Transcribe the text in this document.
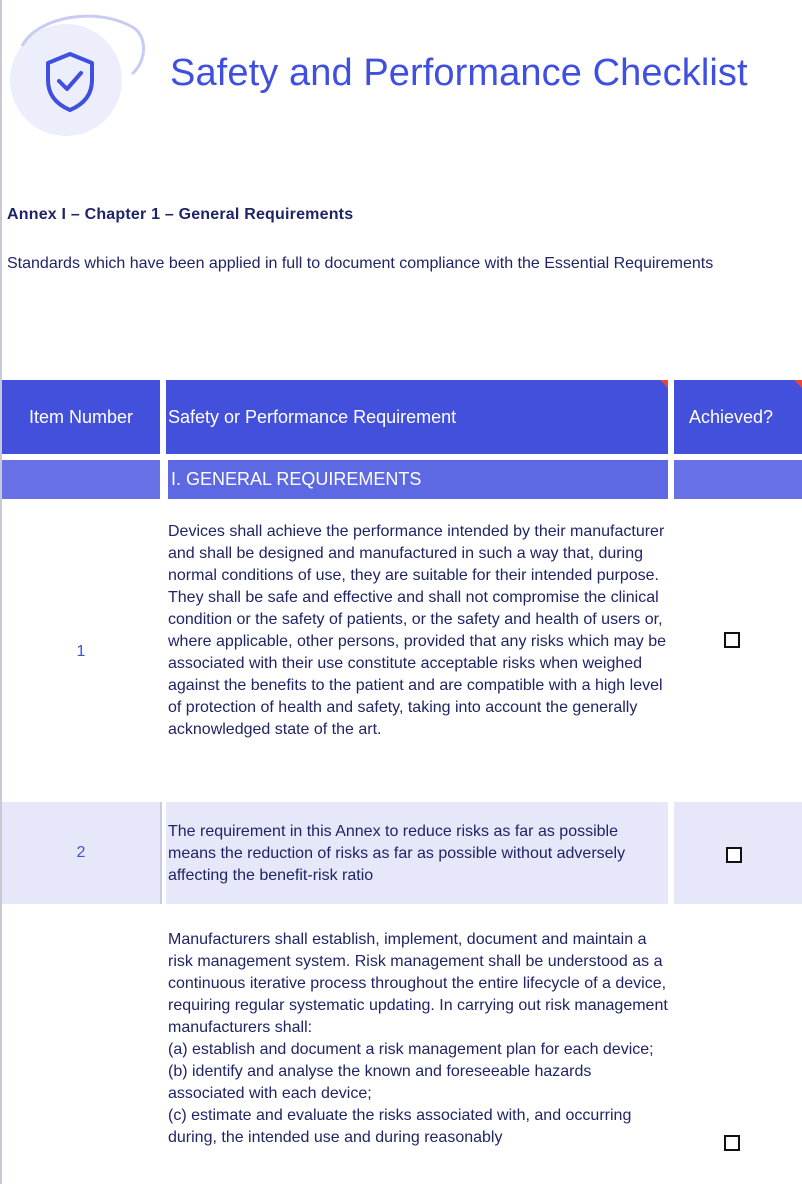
Safety and Performance Checklist
Annex I – Chapter 1 – General Requirements
Standards which have been applied in full to document compliance with the Essential Requirements
Item Number Safety or Performance Requirement	Achieved?
I. GENERAL REQUIREMENTS
1
Devices shall achieve the performance intended by their manufacturer and shall be designed and manufactured in such a way that, during normal conditions of use, they are suitable for their intended purpose. They shall be safe and effective and shall not compromise the clinical condition or the safety of patients, or the safety and health of users or, where applicable, other persons, provided that any risks which may be associated with their use constitute acceptable risks when weighed against the benefits to the patient and are compatible with a high level of protection of health and safety, taking into account the generally acknowledged state of the art.
2
The requirement in this Annex to reduce risks as far as possible means the reduction of risks as far as possible without adversely affecting the benefit-risk ratio
Manufacturers shall establish, implement, document and maintain a risk management system. Risk management shall be understood as a continuous iterative process throughout the entire lifecycle of a device, requiring regular systematic updating. In carrying out risk management manufacturers shall:
(a) establish and document a risk management plan for each device;
(b) identify and analyse the known and foreseeable hazards associated with each device;
(c) estimate and evaluate the risks associated with, and occurring during, the intended use and during reasonably
